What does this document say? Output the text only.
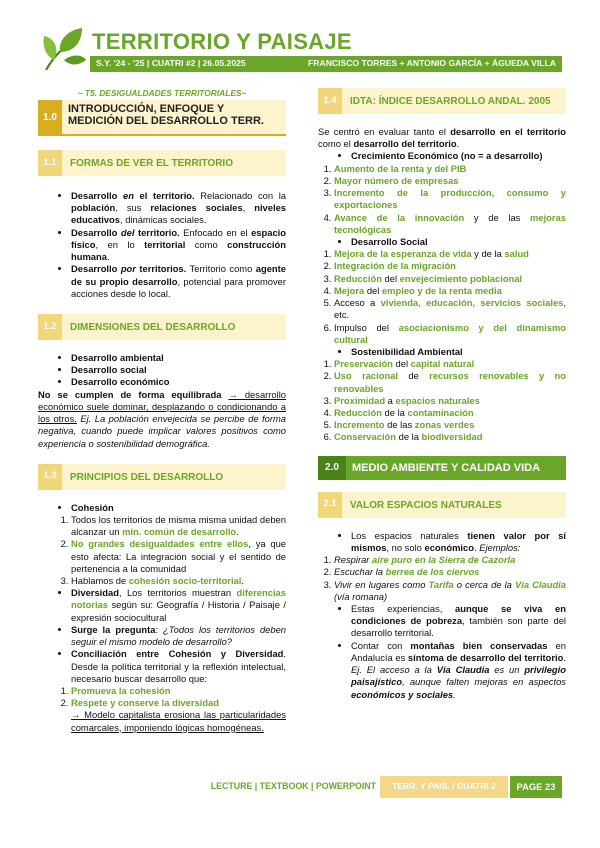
TERRITORIO Y PAISAJE
S.Y. '24 - '25 | CUATRI #2 | 26.05.2025	FRANCISCO TORRES + ANTONIO GARCÍA + ÁGUEDA VILLA
~ T5. DESIGUALDADES TERRITORIALES~
1.0
INTRODUCCIÓN, ENFOQUE Y MEDICIÓN DEL DESARROLLO TERR.
1.1	FORMAS DE VER EL TERRITORIO
• Desarrollo en el territorio. Relacionado con la población, sus relaciones sociales, niveles educativos, dinámicas sociales.
• Desarrollo del territorio. Enfocado en el espacio físico, en lo territorial como construcción humana.
• Desarrollo por territorios. Territorio como agente de su propio desarrollo, potencial para promover acciones desde lo local.
1.2	DIMENSIONES DEL DESARROLLO
• Desarrollo ambiental
• Desarrollo social
• Desarrollo económico

No se cumplen de forma equilibrada → desarrollo económico suele dominar, desplazando o condicionando a los otros. Ej. La población envejecida se percibe de forma negativa, cuando puede implicar valores positivos como experiencia o sostenibilidad demográfica.

1.3	PRINCIPIOS DEL DESARROLLO
• Cohesión
1. Todos los territorios de misma misma unidad deben alcanzar un mín. común de desarrollo.
2. No grandes desigualdades entre ellos, ya que esto afecta: La integración social y el sentido de pertenencia a la comunidad
3. Hablamos de cohesión socio-territorial.
• Diversidad, Los territorios muestran diferencias notorias según su: Geografía / Historia / Paisaje / expresión sociocultural
• Surge la pregunta: ¿Todos los territorios deben seguir el mismo modelo de desarrollo?
• Conciliación entre Cohesión y Diversidad. Desde la política territorial y la reflexión intelectual, necesario buscar desarrollo que:
1. Promueva la cohesión
2. Respete y conserve la diversidad
→ Modelo capitalista erosiona las particularidades comarcales, imponiendo lógicas homogéneas.
1.4	IDTA: ÍNDICE DESARROLLO ANDAL. 2005

Se centró en evaluar tanto el desarrollo en el territorio como el desarrollo del territorio.

• Crecimiento Económico (no = a desarrollo)
1. Aumento de la renta y del PIB
2. Mayor número de empresas
3. Incremento de la producción, consumo y exportaciones
4. Avance de la innovación y de las mejoras tecnológicas
• Desarrollo Social
1. Mejora de la esperanza de vida y de la salud
2. Integración de la migración
3. Reducción del envejecimiento poblacional
4. Mejora del empleo y de la renta media
5. Acceso a vivienda, educación, servicios sociales, etc.
6. Impulso del asociacionismo y del dinamismo cultural
• Sostenibilidad Ambiental
1. Preservación del capital natural
2. Uso racional de recursos renovables y no renovables
3. Proximidad a espacios naturales
4. Reducción de la contaminación
5. Incremento de las zonas verdes
6. Conservación de la biodiversidad
2.0	MEDIO AMBIENTE Y CALIDAD VIDA
2.1	VALOR ESPACIOS NATURALES
• Los espacios naturales tienen valor por sí mismos, no solo económico. Ejemplos:
1. Respirar aire puro en la Sierra de Cazorla
2. Escuchar la berrea de los ciervos
3. Vivir en lugares como Tarifa o cerca de la Vía Claudia (vía romana)
• Estas experiencias, aunque se viva en condiciones de pobreza, también son parte del desarrollo territorial.
• Contar con montañas bien conservadas en Andalucía es síntoma de desarrollo del territorio. Ej. El acceso a la Vía Claudia es un privilegio paisajístico, aunque falten mejoras en aspectos económicos y sociales.
LECTURE | TEXTBOOK | POWERPOINT	TERR. Y PAIS. / CUATRI 2	PAGE 23
